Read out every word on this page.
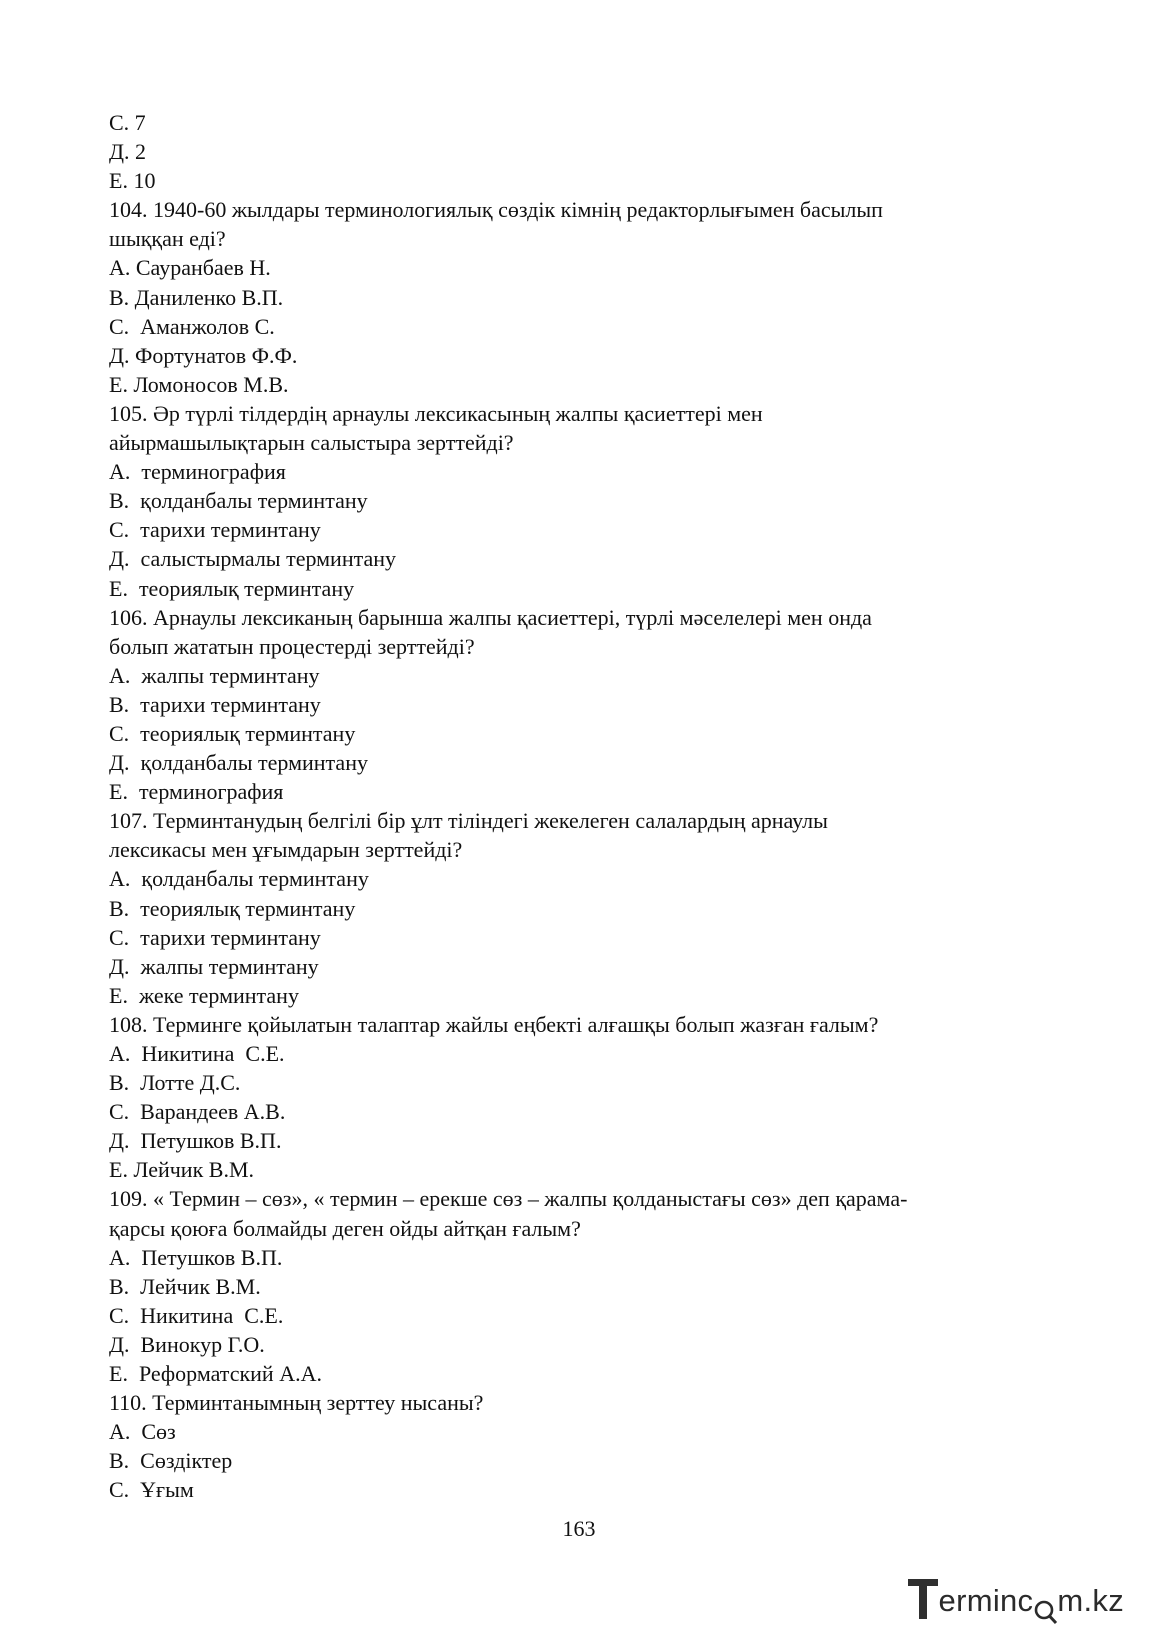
С. 7
Д. 2
Е. 10
104. 1940-60 жылдары терминологиялық сөздік кімнің редакторлығымен басылып
шыққан еді?
А. Сауранбаев Н.
В. Даниленко В.П.
С.  Аманжолов С.
Д. Фортунатов Ф.Ф.
Е. Ломоносов М.В.
105. Әр түрлі тілдердің арнаулы лексикасының жалпы қасиеттері мен
айырмашылықтарын салыстыра зерттейді?
А.  терминография
В.  қолданбалы терминтану
С.  тарихи терминтану
Д.  салыстырмалы терминтану
Е.  теориялық терминтану
106. Арнаулы лексиканың барынша жалпы қасиеттері, түрлі мәселелері мен онда
болып жататын процестерді зерттейді?
А.  жалпы терминтану
В.  тарихи терминтану
С.  теориялық терминтану
Д.  қолданбалы терминтану
Е.  терминография
107. Терминтанудың белгілі бір ұлт тіліндегі жекелеген салалардың арнаулы
лексикасы мен ұғымдарын зерттейді?
А.  қолданбалы терминтану
В.  теориялық терминтану
С.  тарихи терминтану
Д.  жалпы терминтану
Е.  жеке терминтану
108. Терминге қойылатын талаптар жайлы еңбекті алғашқы болып жазған ғалым?
А.  Никитина  С.Е.
В.  Лотте Д.С.
С.  Варандеев А.В.
Д.  Петушков В.П.
Е. Лейчик В.М.
109. « Термин – сөз», « термин – ерекше сөз – жалпы қолданыстағы сөз» деп қарама-
қарсы қоюға болмайды деген ойды айтқан ғалым?
А.  Петушков В.П.
В.  Лейчик В.М.
С.  Никитина  С.Е.
Д.  Винокур Г.О.
Е.  Реформатский А.А.
110. Терминтанымның зерттеу нысаны?
А.  Сөз
В.  Сөздіктер
С.  Ұғым
163
erminc m.kz
